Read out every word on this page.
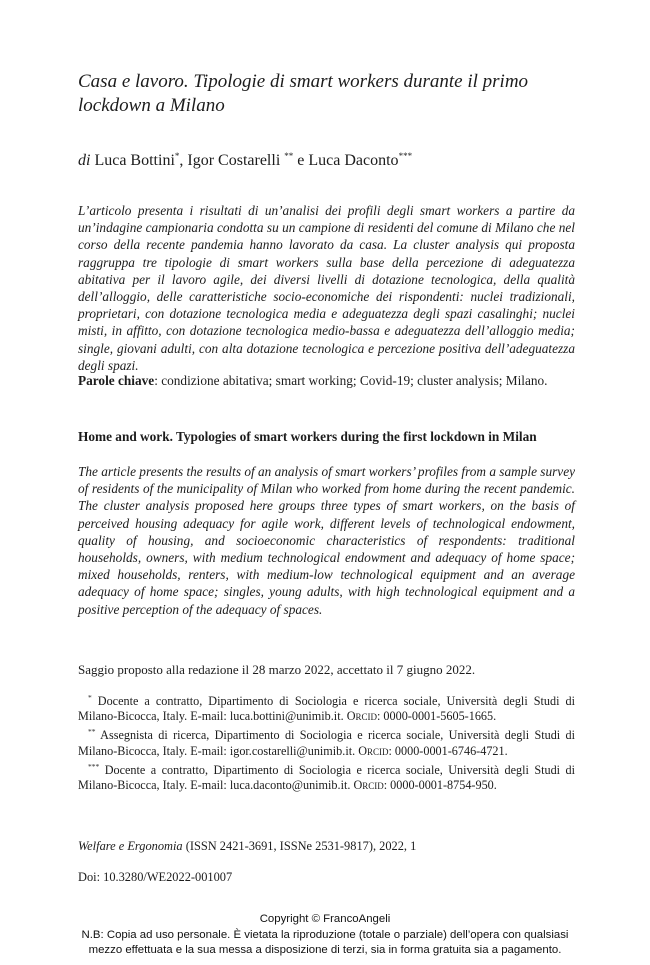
Casa e lavoro. Tipologie di smart workers durante il primo lockdown a Milano
di Luca Bottini*, Igor Costarelli ** e Luca Daconto***
L’articolo presenta i risultati di un’analisi dei profili degli smart workers a partire da un’indagine campionaria condotta su un campione di residenti del comune di Milano che nel corso della recente pandemia hanno lavorato da casa. La cluster analysis qui proposta raggruppa tre tipologie di smart workers sulla base della percezione di adeguatezza abitativa per il lavoro agile, dei diversi livelli di dotazione tecnologica, della qualità dell’alloggio, delle caratteristiche socio-economiche dei rispondenti: nuclei tradizionali, proprietari, con dotazione tecnologica media e adeguatezza degli spazi casalinghi; nuclei misti, in affitto, con dotazione tecnologica medio-bassa e adeguatezza dell’alloggio media; single, giovani adulti, con alta dotazione tecnologica e percezione positiva dell’adeguatezza degli spazi.
Parole chiave: condizione abitativa; smart working; Covid-19; cluster analysis; Milano.
Home and work. Typologies of smart workers during the first lockdown in Milan
The article presents the results of an analysis of smart workers’ profiles from a sample survey of residents of the municipality of Milan who worked from home during the recent pandemic. The cluster analysis proposed here groups three types of smart workers, on the basis of perceived housing adequacy for agile work, different levels of technological endowment, quality of housing, and socioeconomic characteristics of respondents: traditional households, owners, with medium technological endowment and adequacy of home space; mixed households, renters, with medium-low technological equipment and an average adequacy of home space; singles, young adults, with high technological equipment and a positive perception of the adequacy of spaces.
Saggio proposto alla redazione il 28 marzo 2022, accettato il 7 giugno 2022.

* Docente a contratto, Dipartimento di Sociologia e ricerca sociale, Università degli Studi di Milano-Bicocca, Italy. E-mail: luca.bottini@unimib.it. Orcid: 0000-0001-5605-1665.

** Assegnista di ricerca, Dipartimento di Sociologia e ricerca sociale, Università degli Studi di Milano-Bicocca, Italy. E-mail: igor.costarelli@unimib.it. Orcid: 0000-0001-6746-4721.

*** Docente a contratto, Dipartimento di Sociologia e ricerca sociale, Università degli Studi di Milano-Bicocca, Italy. E-mail: luca.daconto@unimib.it. Orcid: 0000-0001-8754-950.

Welfare e Ergonomia (ISSN 2421-3691, ISSNe 2531-9817), 2022, 1
Doi: 10.3280/WE2022-001007
Copyright © FrancoAngeli
N.B: Copia ad uso personale. È vietata la riproduzione (totale o parziale) dell’opera con qualsiasi
mezzo effettuata e la sua messa a disposizione di terzi, sia in forma gratuita sia a pagamento.
